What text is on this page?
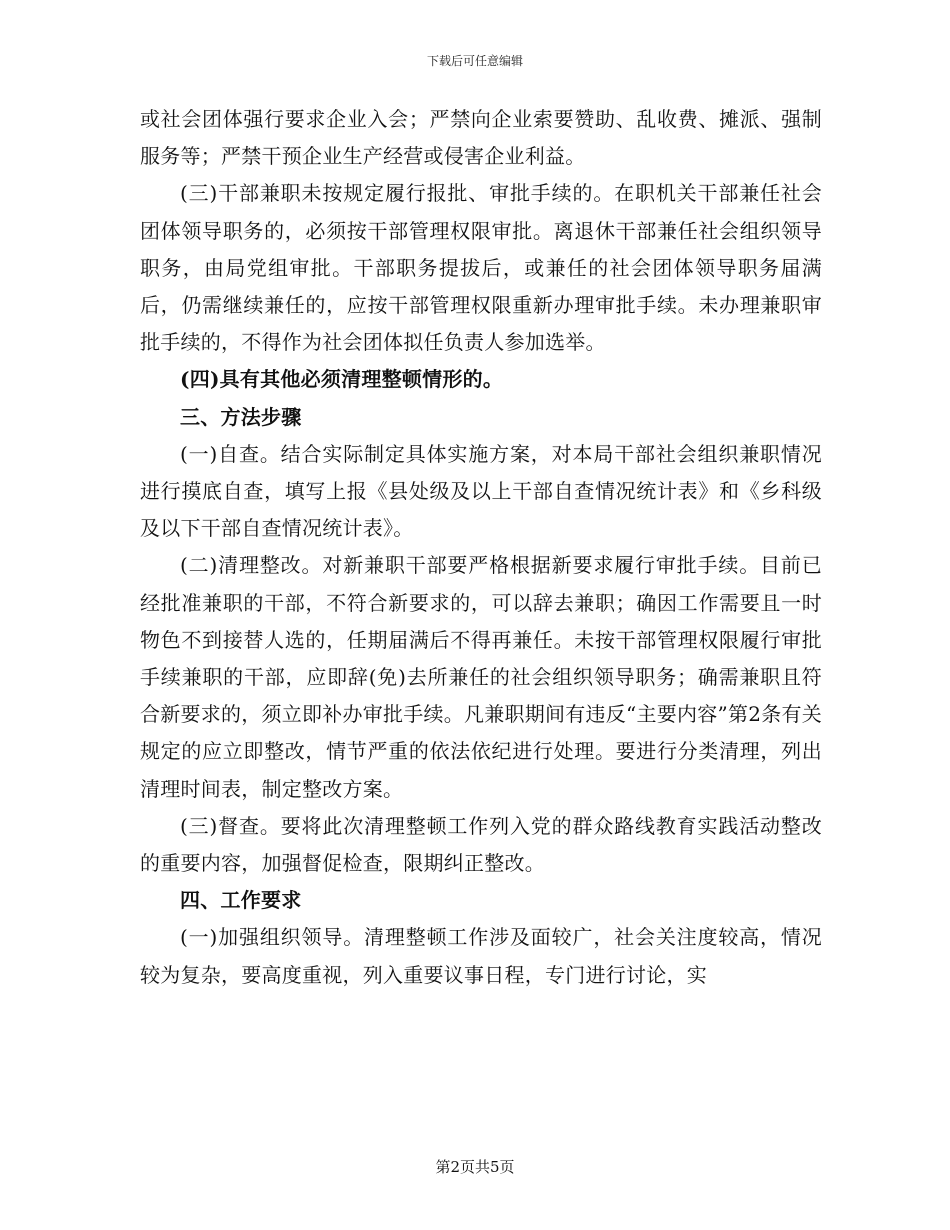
下载后可任意编辑

或社会团体强行要求企业入会；严禁向企业索要赞助、乱收费、摊派、强制服务等；严禁干预企业生产经营或侵害企业利益。

(三)干部兼职未按规定履行报批、审批手续的。在职机关干部兼任社会团体领导职务的，必须按干部管理权限审批。离退休干部兼任社会组织领导职务，由局党组审批。干部职务提拔后，或兼任的社会团体领导职务届满后，仍需继续兼任的，应按干部管理权限重新办理审批手续。未办理兼职审批手续的，不得作为社会团体拟任负责人参加选举。

(四)具有其他必须清理整顿情形的。

三、方法步骤

(一)自查。结合实际制定具体实施方案，对本局干部社会组织兼职情况进行摸底自查，填写上报《县处级及以上干部自查情况统计表》和《乡科级及以下干部自查情况统计表》。

(二)清理整改。对新兼职干部要严格根据新要求履行审批手续。目前已经批准兼职的干部，不符合新要求的，可以辞去兼职；确因工作需要且一时物色不到接替人选的，任期届满后不得再兼任。未按干部管理权限履行审批手续兼职的干部，应即辞(免)去所兼任的社会组织领导职务；确需兼职且符合新要求的，须立即补办审批手续。凡兼职期间有违反“主要内容”第2条有关规定的应立即整改，情节严重的依法依纪进行处理。要进行分类清理，列出清理时间表，制定整改方案。

(三)督查。要将此次清理整顿工作列入党的群众路线教育实践活动整改的重要内容，加强督促检查，限期纠正整改。

四、工作要求

(一)加强组织领导。清理整顿工作涉及面较广，社会关注度较高，情况较为复杂，要高度重视，列入重要议事日程，专门进行讨论，实

第2页共5页
